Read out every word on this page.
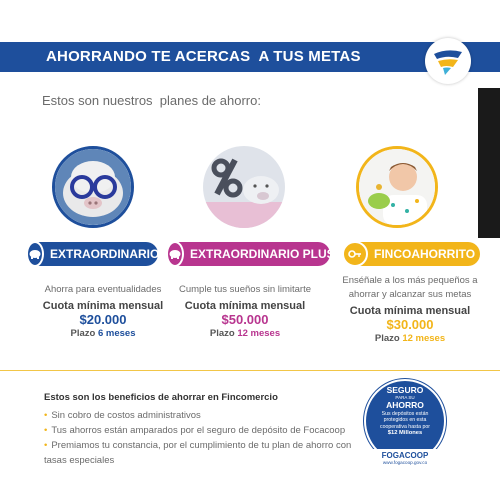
AHORRANDO TE ACERCAS  A TUS METAS
Estos son nuestros  planes de ahorro:
EXTRAORDINARIO	EXTRAORDINARIO PLUS	FINCOAHORRITO
Ahorra para eventualidades
Cuota mínima mensual
$20.000
Plazo 6 meses
Cumple tus sueños sin limitarte
Cuota mínima mensual
$50.000
Plazo 12 meses
Enséñale a los más pequeños a ahorrar y alcanzar sus metas
Cuota mínima mensual
$30.000
Plazo 12 meses
Estos son los beneficios de ahorrar en Fincomercio
• Sin cobro de costos administrativos
• Tus ahorros están amparados por el seguro de depósito de Focacoop
• Premiamos tu constancia, por el cumplimiento de tu plan de ahorro con
tasas especiales
SEGURO
PARA SU
AHORRO
Sus depósitos están protegidos en esta cooperativa hasta por
$12 Millones
FOGACOOP
www.fogacoop.gov.co
